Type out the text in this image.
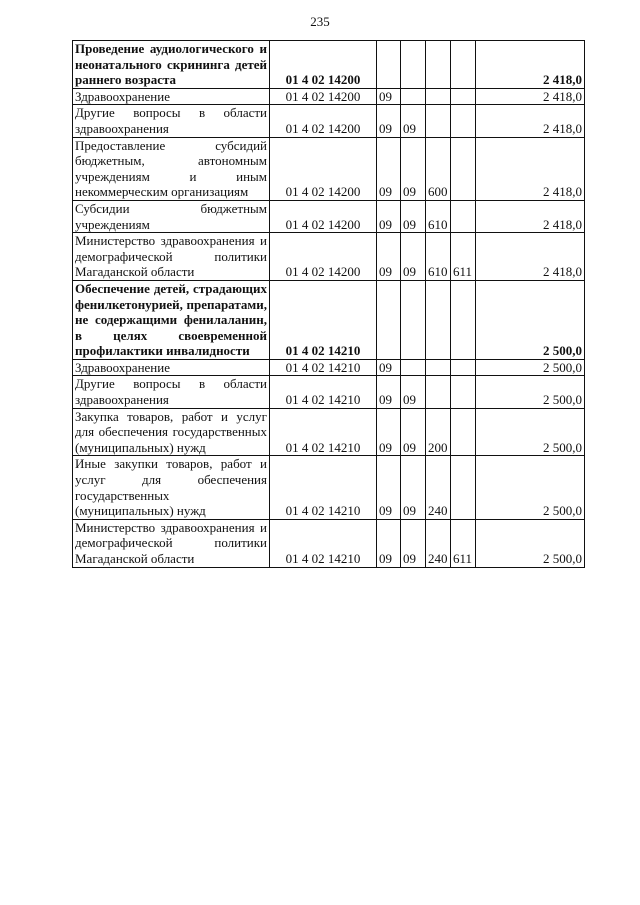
235
Проведение аудиологического и неонатального скрининга детей раннего возраста	01 4 02 14200					2 418,0
Здравоохранение	01 4 02 14200	09				2 418,0
Другие вопросы в области здравоохранения	01 4 02 14200	09	09			2 418,0
Предоставление субсидий бюджетным, автономным учреждениям и иным некоммерческим организациям	01 4 02 14200	09	09	600		2 418,0
Субсидии бюджетным учреждениям	01 4 02 14200	09	09	610		2 418,0
Министерство здравоохранения и демографической политики Магаданской области	01 4 02 14200	09	09	610	611	2 418,0
Обеспечение детей, страдающих фенилкетонурией, препаратами, не содержащими фенилаланин, в целях своевременной профилактики инвалидности	01 4 02 14210					2 500,0
Здравоохранение	01 4 02 14210	09				2 500,0
Другие вопросы в области здравоохранения	01 4 02 14210	09	09			2 500,0
Закупка товаров, работ и услуг для обеспечения государственных (муниципальных) нужд	01 4 02 14210	09	09	200		2 500,0
Иные закупки товаров, работ и услуг для обеспечения государственных (муниципальных) нужд	01 4 02 14210	09	09	240		2 500,0
Министерство здравоохранения и демографической политики Магаданской области	01 4 02 14210	09	09	240	611	2 500,0
